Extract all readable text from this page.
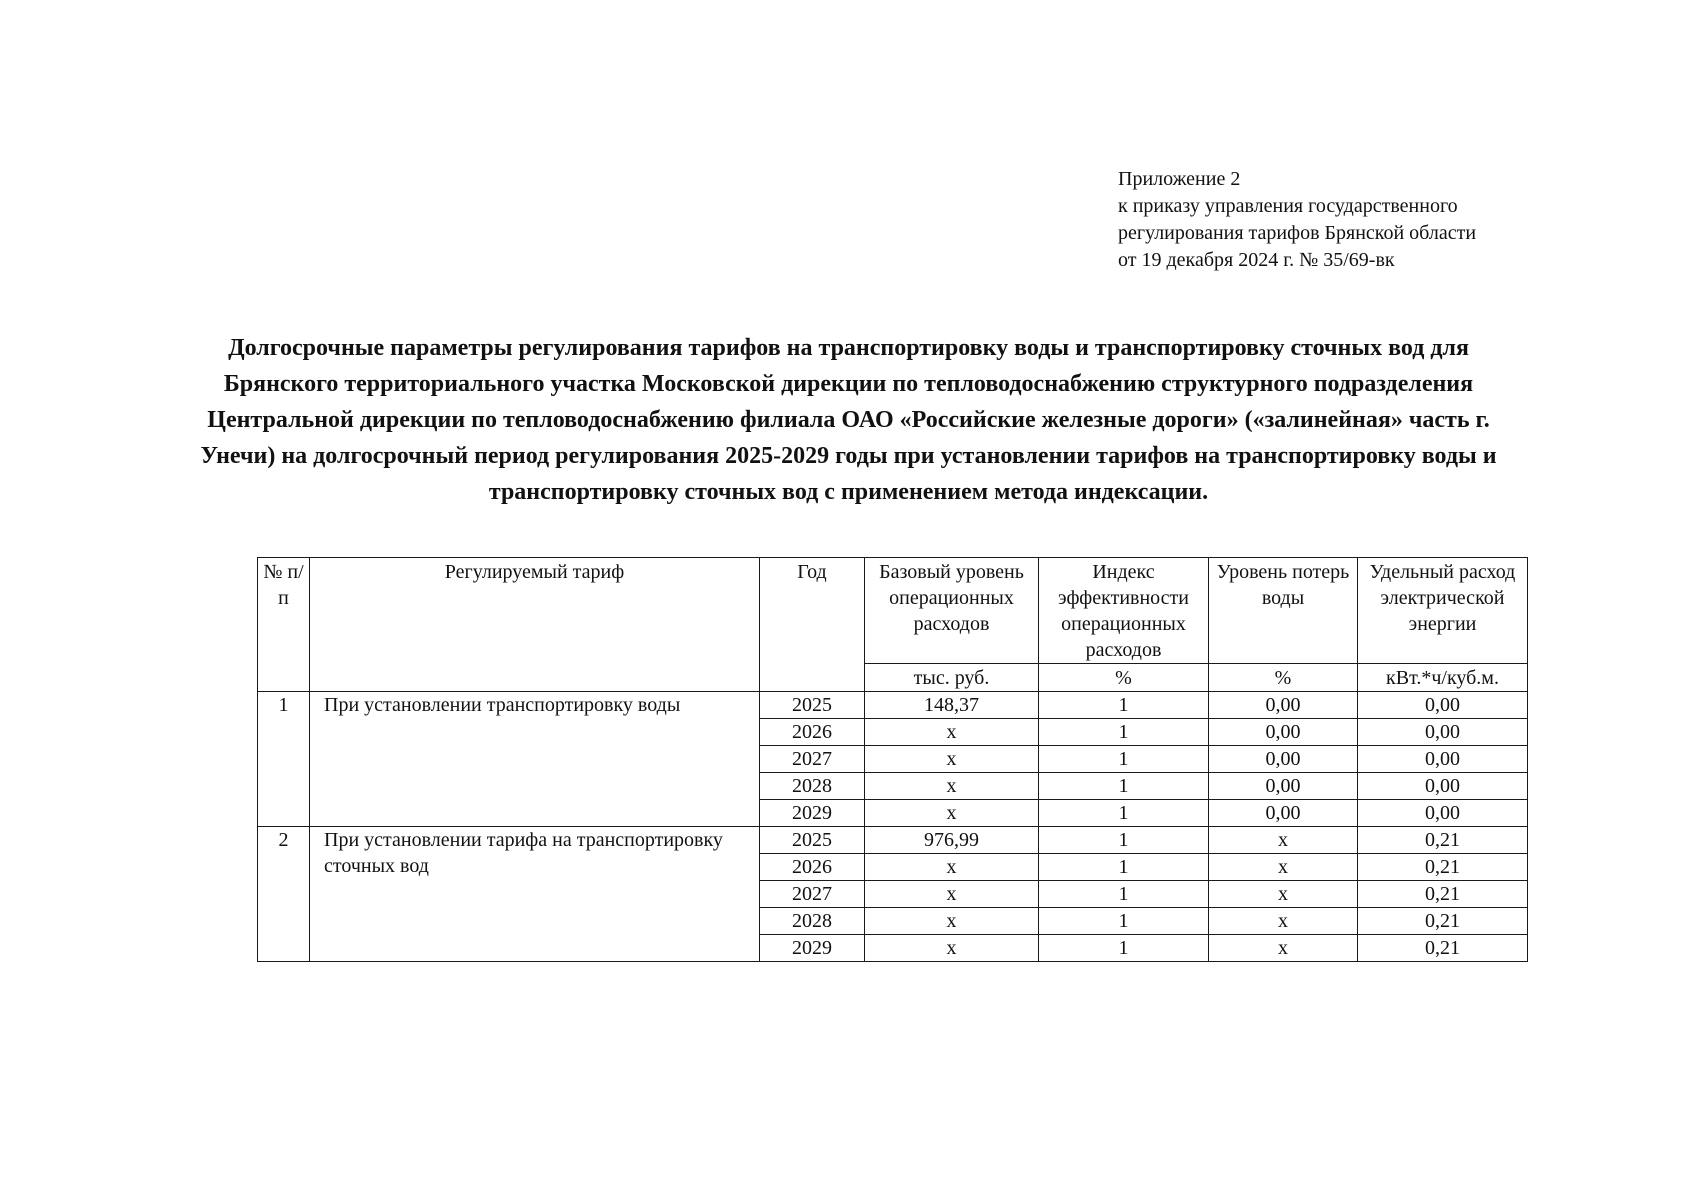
Приложение 2
к приказу управления государственного
регулирования тарифов Брянской области
от 19 декабря 2024 г. № 35/69-вк
Долгосрочные параметры регулирования тарифов на транспортировку воды и транспортировку сточных вод для
Брянского территориального участка Московской дирекции по тепловодоснабжению структурного подразделения
Центральной дирекции по тепловодоснабжению филиала ОАО «Российские железные дороги» («залинейная» часть г.
Унечи) на долгосрочный период регулирования 2025-2029 годы при установлении тарифов на транспортировку воды и
транспортировку сточных вод с применением метода индексации.
№ п/п	Регулируемый тариф	Год	Базовый уровень операционных расходов	Индекс эффективности операционных расходов	Уровень потерь воды	Удельный расход электрической энергии
			тыс. руб.	%	%	кВт.*ч/куб.м.
1	При установлении транспортировку воды	2025	148,37	1	0,00	0,00
		2026	x	1	0,00	0,00
		2027	x	1	0,00	0,00
		2028	x	1	0,00	0,00
		2029	x	1	0,00	0,00
2	При установлении тарифа на транспортировку сточных вод	2025	976,99	1	x	0,21
		2026	x	1	x	0,21
		2027	x	1	x	0,21
		2028	x	1	x	0,21
		2029	x	1	x	0,21
